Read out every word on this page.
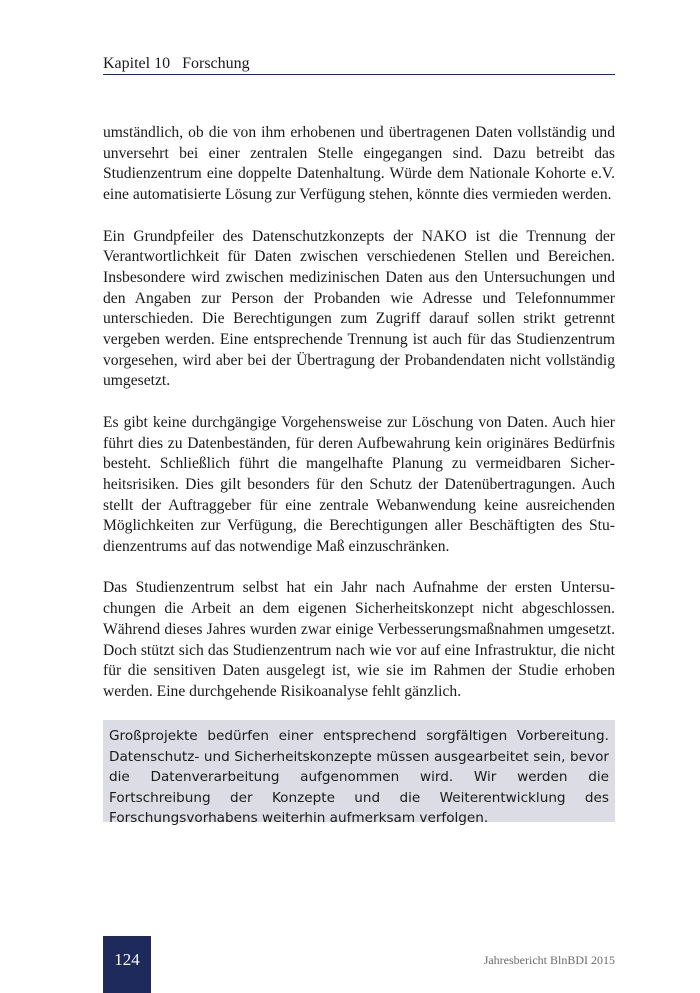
Kapitel 10 Forschung

umständlich, ob die von ihm erhobenen und übertragenen Daten vollständig und unversehrt bei einer zentralen Stelle eingegangen sind. Dazu betreibt das Studienzentrum eine doppelte Datenhaltung. Würde dem Nationale Kohorte e.V. eine automatisierte Lösung zur Verfügung stehen, könnte dies vermieden werden.

Ein Grundpfeiler des Datenschutzkonzepts der NAKO ist die Trennung der Verantwortlichkeit für Daten zwischen verschiedenen Stellen und Bereichen. Insbesondere wird zwischen medizinischen Daten aus den Untersuchungen und den Angaben zur Person der Probanden wie Adresse und Telefonnummer unterschieden. Die Berechtigungen zum Zugriff darauf sollen strikt getrennt vergeben werden. Eine entsprechende Trennung ist auch für das Studienzentrum vorgesehen, wird aber bei der Übertragung der Probandendaten nicht vollständig umgesetzt.

Es gibt keine durchgängige Vorgehensweise zur Löschung von Daten. Auch hier führt dies zu Datenbeständen, für deren Aufbewahrung kein originäres Bedürfnis besteht. Schließlich führt die mangelhafte Planung zu vermeidbaren Sicherheitsrisiken. Dies gilt besonders für den Schutz der Datenübertragungen. Auch stellt der Auftraggeber für eine zentrale Webanwendung keine ausreichenden Möglichkeiten zur Verfügung, die Berechtigungen aller Beschäftigten des Studienzentrums auf das notwendige Maß einzuschränken.

Das Studienzentrum selbst hat ein Jahr nach Aufnahme der ersten Untersuchungen die Arbeit an dem eigenen Sicherheitskonzept nicht abgeschlossen. Während dieses Jahres wurden zwar einige Verbesserungsmaßnahmen umgesetzt. Doch stützt sich das Studienzentrum nach wie vor auf eine Infrastruktur, die nicht für die sensitiven Daten ausgelegt ist, wie sie im Rahmen der Studie erhoben werden. Eine durchgehende Risikoanalyse fehlt gänzlich.

Großprojekte bedürfen einer entsprechend sorgfältigen Vorbereitung. Datenschutz- und Sicherheitskonzepte müssen ausgearbeitet sein, bevor die Datenverarbeitung aufgenommen wird. Wir werden die Fortschreibung der Konzepte und die Weiterentwicklung des Forschungsvorhabens weiterhin aufmerksam verfolgen.
124	Jahresbericht BlnBDI 2015
